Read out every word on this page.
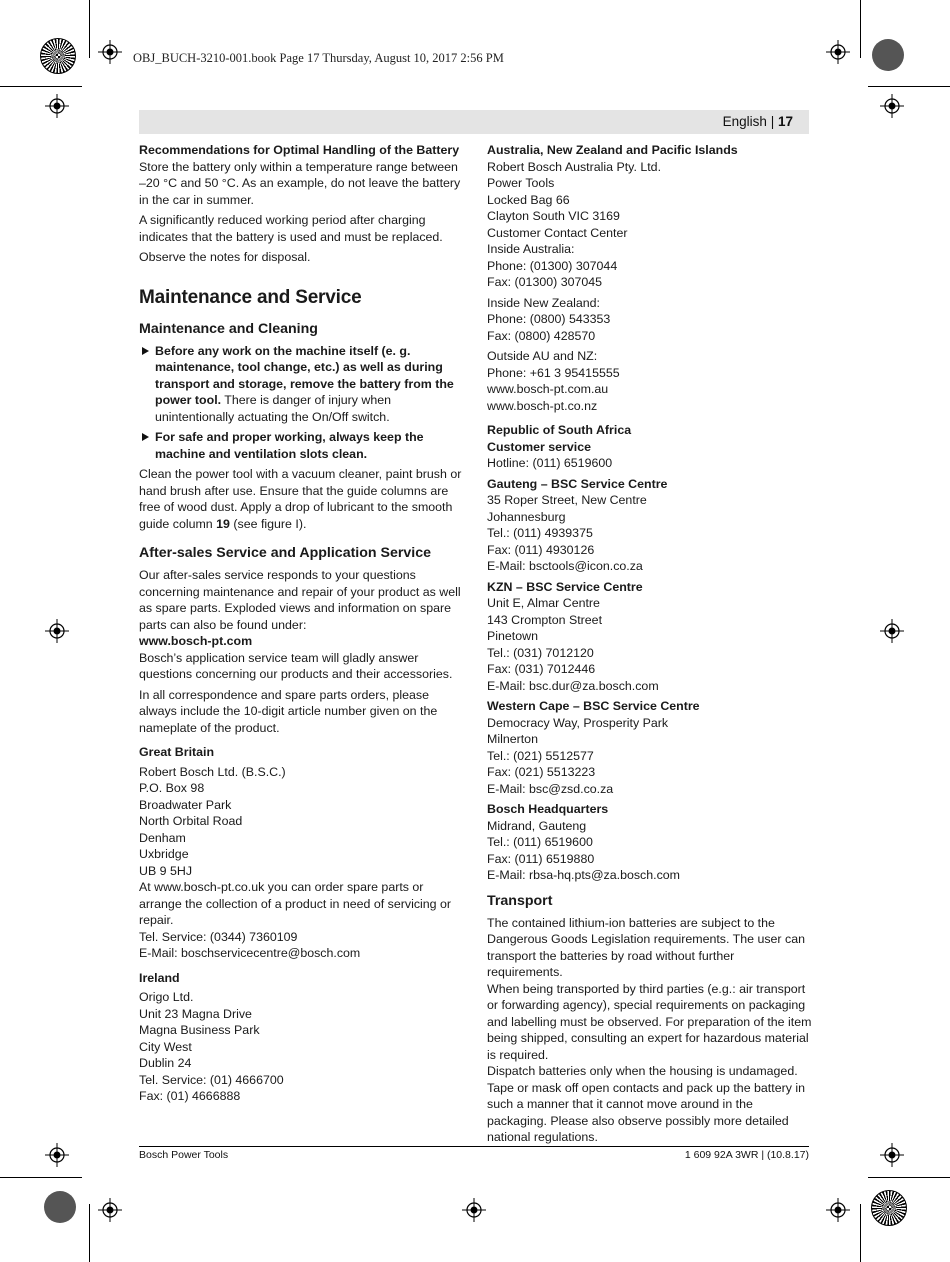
OBJ_BUCH-3210-001.book Page 17 Thursday, August 10, 2017 2:56 PM
English | 17
Recommendations for Optimal Handling of the Battery

Store the battery only within a temperature range between –20 °C and 50 °C. As an example, do not leave the battery in the car in summer.

A significantly reduced working period after charging indicates that the battery is used and must be replaced.

Observe the notes for disposal.

Maintenance and Service
Maintenance and Cleaning
Before any work on the machine itself (e. g. maintenance, tool change, etc.) as well as during transport and storage, remove the battery from the power tool. There is danger of injury when unintentionally actuating the On/Off switch.
For safe and proper working, always keep the machine and ventilation slots clean.

Clean the power tool with a vacuum cleaner, paint brush or hand brush after use. Ensure that the guide columns are free of wood dust. Apply a drop of lubricant to the smooth guide column 19 (see figure I).

After-sales Service and Application Service

Our after-sales service responds to your questions concerning maintenance and repair of your product as well as spare parts. Exploded views and information on spare parts can also be found under:
www.bosch-pt.com
Bosch’s application service team will gladly answer questions concerning our products and their accessories.

In all correspondence and spare parts orders, please always include the 10-digit article number given on the nameplate of the product.

Great Britain
Robert Bosch Ltd. (B.S.C.)
P.O. Box 98
Broadwater Park
North Orbital Road
Denham
Uxbridge
UB 9 5HJ
At www.bosch-pt.co.uk you can order spare parts or arrange the collection of a product in need of servicing or repair.
Tel. Service: (0344) 7360109
E-Mail: boschservicecentre@bosch.com
Ireland
Origo Ltd.
Unit 23 Magna Drive
Magna Business Park
City West
Dublin 24
Tel. Service: (01) 4666700
Fax: (01) 4666888
Australia, New Zealand and Pacific Islands
Robert Bosch Australia Pty. Ltd.
Power Tools
Locked Bag 66
Clayton South VIC 3169
Customer Contact Center
Inside Australia:
Phone: (01300) 307044
Fax: (01300) 307045
Inside New Zealand:
Phone: (0800) 543353
Fax: (0800) 428570
Outside AU and NZ:
Phone: +61 3 95415555
www.bosch-pt.com.au
www.bosch-pt.co.nz
Republic of South Africa
Customer service

Hotline: (011) 6519600

Gauteng – BSC Service Centre
35 Roper Street, New Centre
Johannesburg
Tel.: (011) 4939375
Fax: (011) 4930126
E-Mail: bsctools@icon.co.za
KZN – BSC Service Centre
Unit E, Almar Centre
143 Crompton Street
Pinetown
Tel.: (031) 7012120
Fax: (031) 7012446
E-Mail: bsc.dur@za.bosch.com
Western Cape – BSC Service Centre
Democracy Way, Prosperity Park
Milnerton
Tel.: (021) 5512577
Fax: (021) 5513223
E-Mail: bsc@zsd.co.za
Bosch Headquarters
Midrand, Gauteng
Tel.: (011) 6519600
Fax: (011) 6519880
E-Mail: rbsa-hq.pts@za.bosch.com
Transport

The contained lithium-ion batteries are subject to the Dangerous Goods Legislation requirements. The user can transport the batteries by road without further requirements.

When being transported by third parties (e.g.: air transport or forwarding agency), special requirements on packaging and labelling must be observed. For preparation of the item being shipped, consulting an expert for hazardous material is required.

Dispatch batteries only when the housing is undamaged. Tape or mask off open contacts and pack up the battery in such a manner that it cannot move around in the packaging. Please also observe possibly more detailed national regulations.

Bosch Power Tools	1 609 92A 3WR | (10.8.17)
